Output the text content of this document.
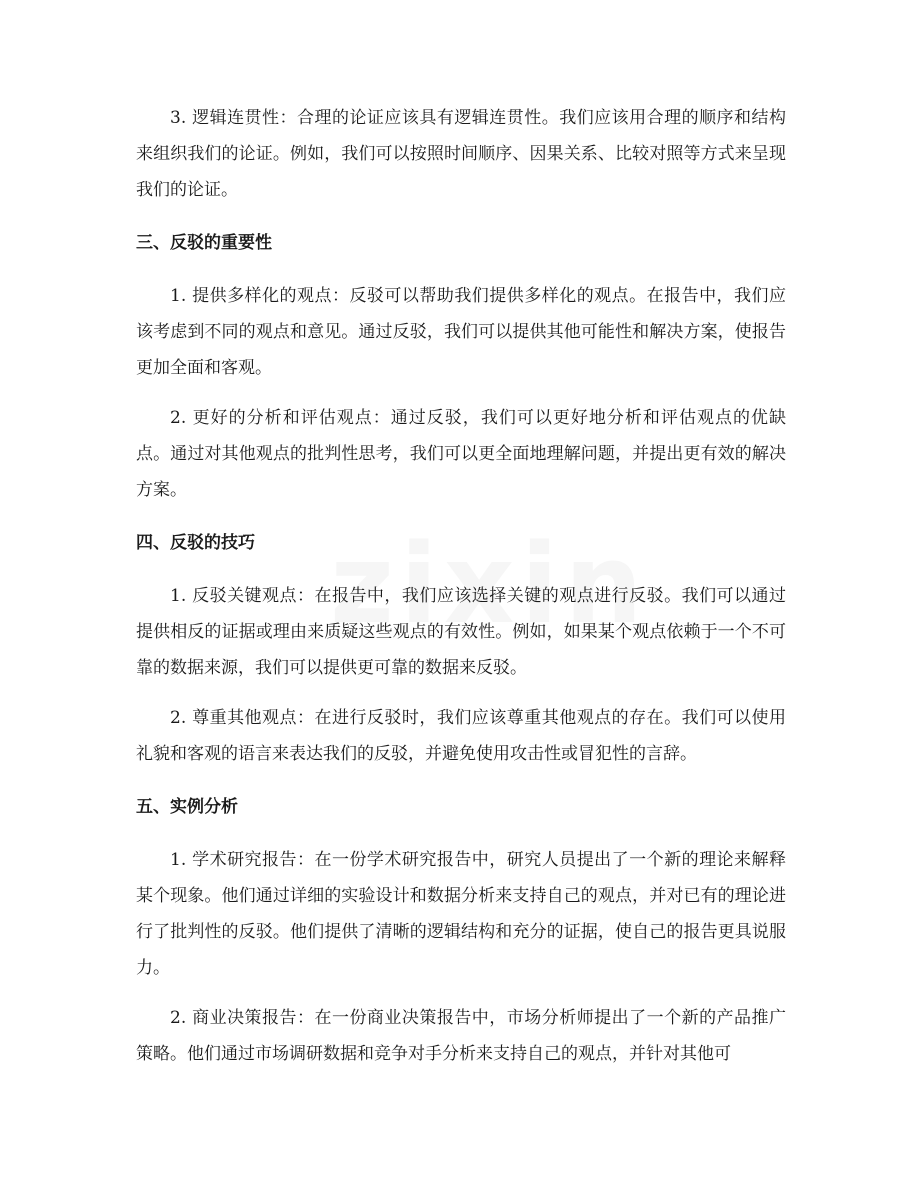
3. 逻辑连贯性：合理的论证应该具有逻辑连贯性。我们应该用合理的顺序和结构来组织我们的论证。例如，我们可以按照时间顺序、因果关系、比较对照等方式来呈现我们的论证。

三、反驳的重要性

1. 提供多样化的观点：反驳可以帮助我们提供多样化的观点。在报告中，我们应该考虑到不同的观点和意见。通过反驳，我们可以提供其他可能性和解决方案，使报告更加全面和客观。

2. 更好的分析和评估观点：通过反驳，我们可以更好地分析和评估观点的优缺点。通过对其他观点的批判性思考，我们可以更全面地理解问题，并提出更有效的解决方案。

四、反驳的技巧

1. 反驳关键观点：在报告中，我们应该选择关键的观点进行反驳。我们可以通过提供相反的证据或理由来质疑这些观点的有效性。例如，如果某个观点依赖于一个不可靠的数据来源，我们可以提供更可靠的数据来反驳。

2. 尊重其他观点：在进行反驳时，我们应该尊重其他观点的存在。我们可以使用礼貌和客观的语言来表达我们的反驳，并避免使用攻击性或冒犯性的言辞。

五、实例分析

1. 学术研究报告：在一份学术研究报告中，研究人员提出了一个新的理论来解释某个现象。他们通过详细的实验设计和数据分析来支持自己的观点，并对已有的理论进行了批判性的反驳。他们提供了清晰的逻辑结构和充分的证据，使自己的报告更具说服力。

2. 商业决策报告：在一份商业决策报告中，市场分析师提出了一个新的产品推广策略。他们通过市场调研数据和竞争对手分析来支持自己的观点，并针对其他可
